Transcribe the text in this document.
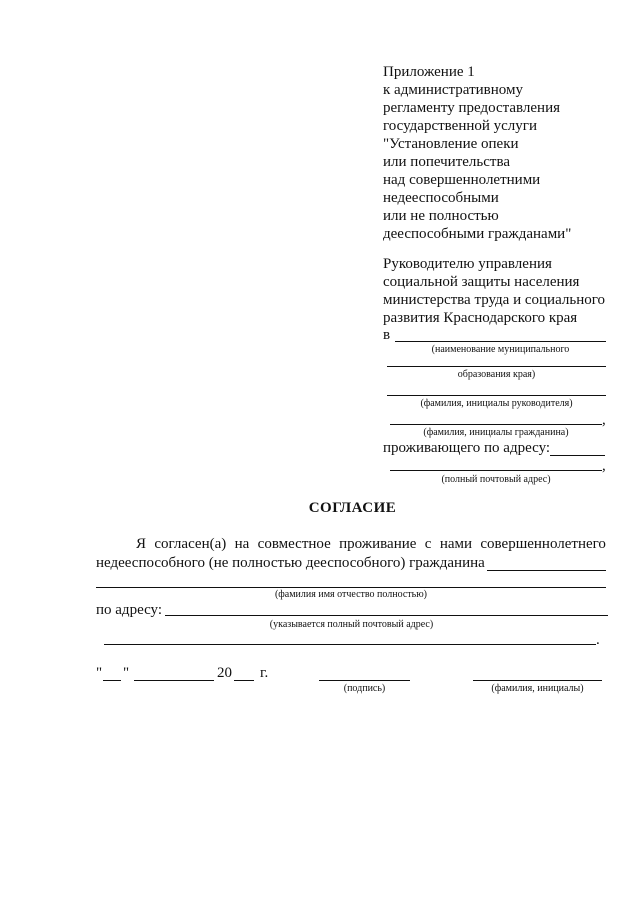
Приложение 1
к административному
регламенту предоставления
государственной услуги
"Установление опеки
или попечительства
над совершеннолетними
недееспособными
или не полностью
дееспособными гражданами"
Руководителю управления
социальной защиты населения
министерства труда и социального
развития Краснодарского края
в
(наименование муниципального
образования края)
(фамилия, инициалы руководителя)
,
(фамилия, инициалы гражданина)
проживающего по адресу:
,
(полный почтовый адрес)
СОГЛАСИЕ
Я согласен(а) на совместное проживание с нами совершеннолетнего
недееспособного (не полностью дееспособного) гражданина
(фамилия имя отчество полностью)
по адресу:
(указывается полный почтовый адрес)
.
" "	20 г.
(подпись)	(фамилия, инициалы)
